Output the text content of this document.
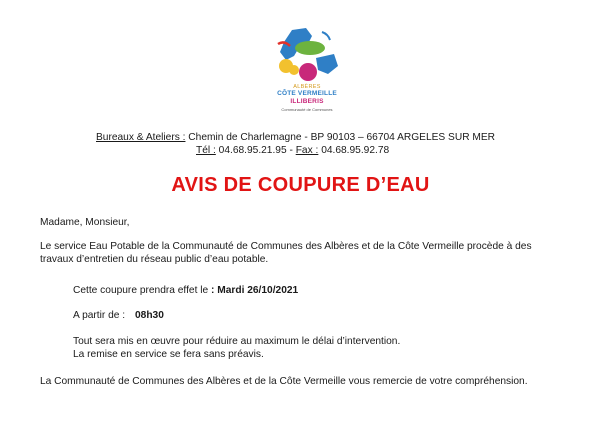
ALBÈRES
CÔTE VERMEILLE
ILLIBERIS
Communauté de Communes
Bureaux & Ateliers : Chemin de Charlemagne - BP 90103 – 66704 ARGELES SUR MER
Tél : 04.68.95.21.95 - Fax : 04.68.95.92.78
AVIS DE COUPURE D’EAU
Madame, Monsieur,
Le service Eau Potable de la Communauté de Communes des Albères et de la Côte Vermeille procède à des
travaux d’entretien du réseau public d’eau potable.
Cette coupure prendra effet le : Mardi 26/10/2021
A partir de : 08h30
Tout sera mis en œuvre pour réduire au maximum le délai d’intervention.
La remise en service se fera sans préavis.
La Communauté de Communes des Albères et de la Côte Vermeille vous remercie de votre compréhension.
